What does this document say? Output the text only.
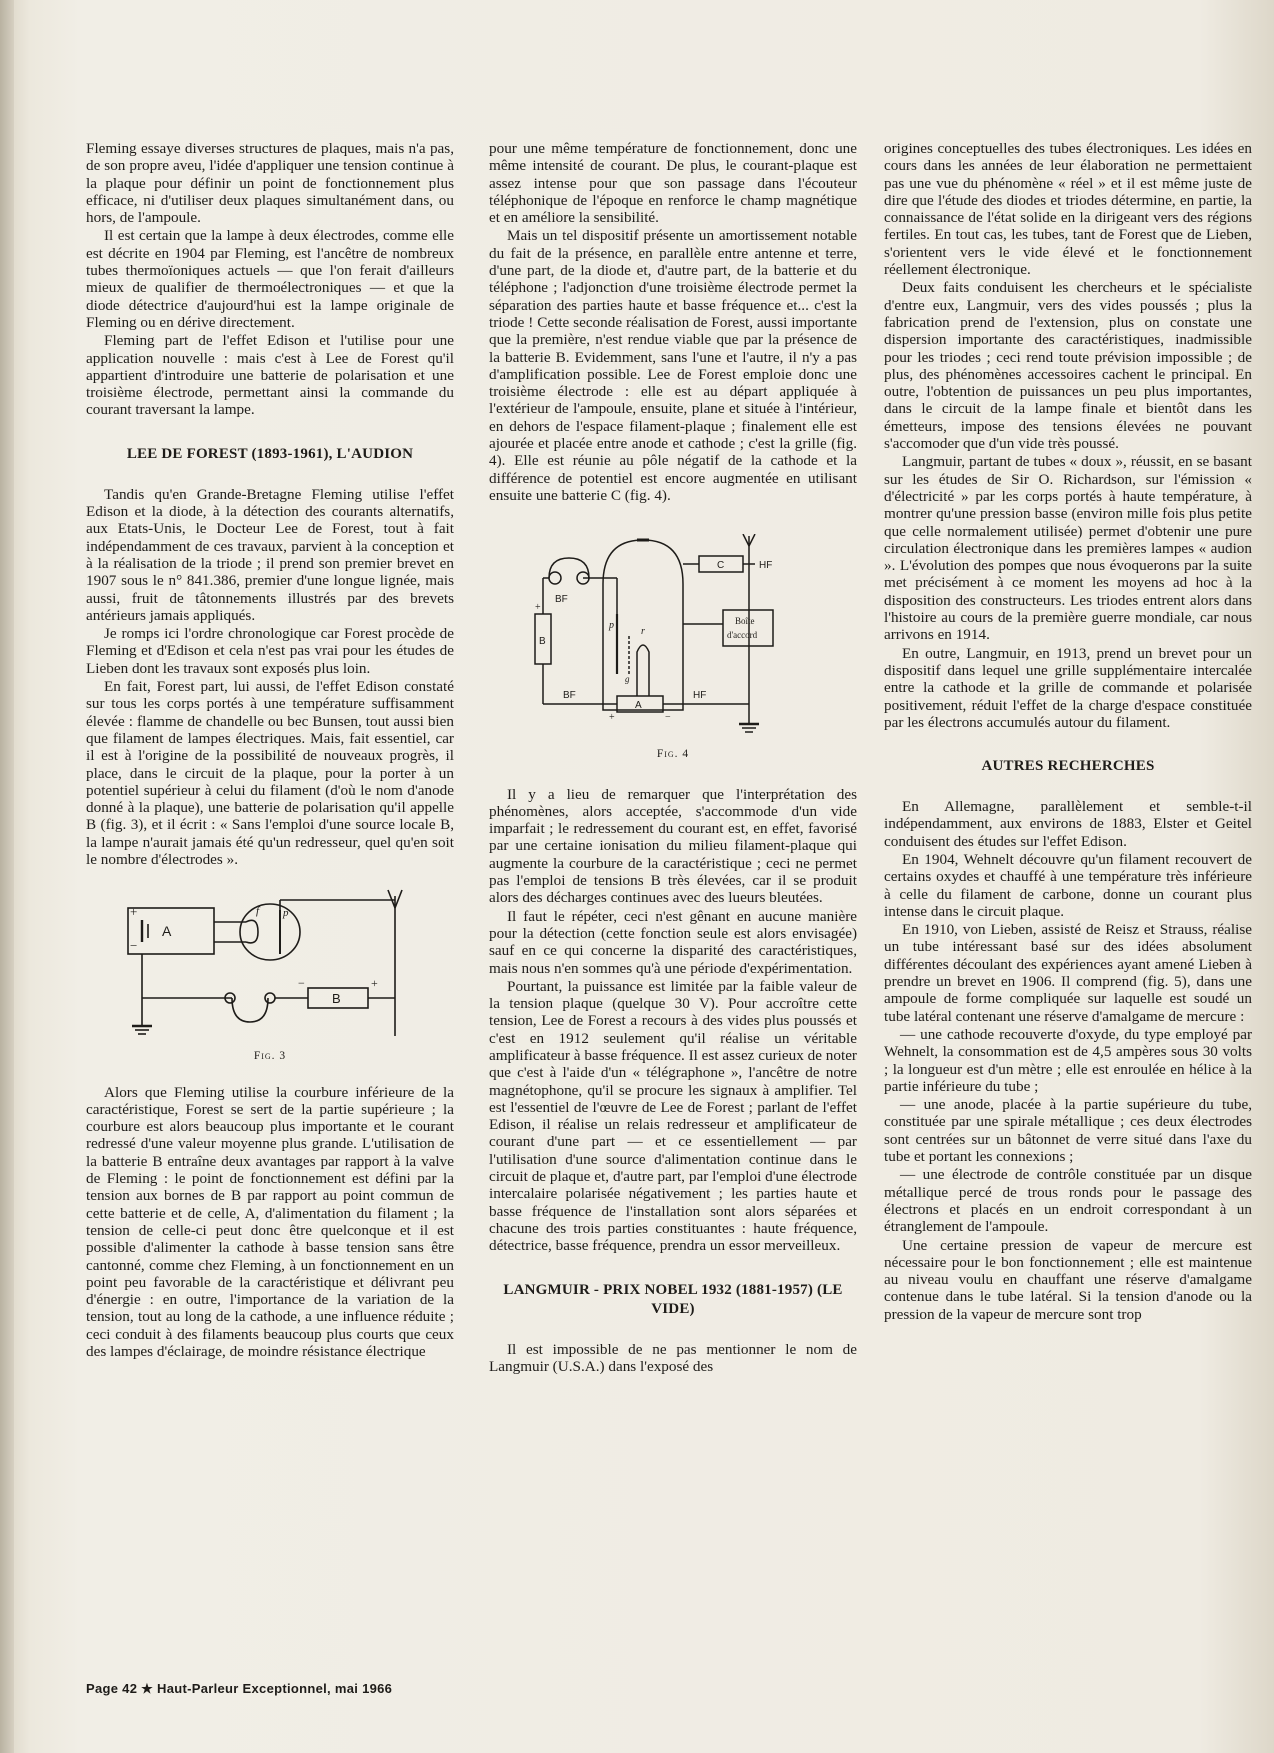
Fleming essaye diverses structures de plaques, mais n'a pas, de son propre aveu, l'idée d'appliquer une tension continue à la plaque pour définir un point de fonctionnement plus efficace, ni d'utiliser deux plaques simultanément dans, ou hors, de l'ampoule.

Il est certain que la lampe à deux électrodes, comme elle est décrite en 1904 par Fleming, est l'ancêtre de nombreux tubes thermoïoniques actuels — que l'on ferait d'ailleurs mieux de qualifier de thermoélectroniques — et que la diode détectrice d'aujourd'hui est la lampe originale de Fleming ou en dérive directement.

Fleming part de l'effet Edison et l'utilise pour une application nouvelle : mais c'est à Lee de Forest qu'il appartient d'introduire une batterie de polarisation et une troisième électrode, permettant ainsi la commande du courant traversant la lampe.

LEE DE FOREST (1893-1961), L'AUDION

Tandis qu'en Grande-Bretagne Fleming utilise l'effet Edison et la diode, à la détection des courants alternatifs, aux Etats-Unis, le Docteur Lee de Forest, tout à fait indépendamment de ces travaux, parvient à la conception et à la réalisation de la triode ; il prend son premier brevet en 1907 sous le n° 841.386, premier d'une longue lignée, mais aussi, fruit de tâtonnements illustrés par des brevets antérieurs jamais appliqués.

Je romps ici l'ordre chronologique car Forest procède de Fleming et d'Edison et cela n'est pas vrai pour les études de Lieben dont les travaux sont exposés plus loin.

En fait, Forest part, lui aussi, de l'effet Edison constaté sur tous les corps portés à une température suffisamment élevée : flamme de chandelle ou bec Bunsen, tout aussi bien que filament de lampes électriques. Mais, fait essentiel, car il est à l'origine de la possibilité de nouveaux progrès, il place, dans le circuit de la plaque, pour la porter à un potentiel supérieur à celui du filament (d'où le nom d'anode donné à la plaque), une batterie de polarisation qu'il appelle B (fig. 3), et il écrit : « Sans l'emploi d'une source locale B, la lampe n'aurait jamais été qu'un redresseur, quel qu'en soit le nombre d'électrodes ».

+
−
A
f p
B
−	+
Fig. 3

Alors que Fleming utilise la courbure inférieure de la caractéristique, Forest se sert de la partie supérieure ; la courbure est alors beaucoup plus importante et le courant redressé d'une valeur moyenne plus grande. L'utilisation de la batterie B entraîne deux avantages par rapport à la valve de Fleming : le point de fonctionnement est défini par la tension aux bornes de B par rapport au point commun de cette batterie et de celle, A, d'alimentation du filament ; la tension de celle-ci peut donc être quelconque et il est possible d'alimenter la cathode à basse tension sans être cantonné, comme chez Fleming, à un fonctionnement en un point peu favorable de la caractéristique et délivrant peu d'énergie : en outre, l'importance de la variation de la tension, tout au long de la cathode, a une influence réduite ; ceci conduit à des filaments beaucoup plus courts que ceux des lampes d'éclairage, de moindre résistance électrique

pour une même température de fonctionnement, donc une même intensité de courant. De plus, le courant-plaque est assez intense pour que son passage dans l'écouteur téléphonique de l'époque en renforce le champ magnétique et en améliore la sensibilité.

Mais un tel dispositif présente un amortissement notable du fait de la présence, en parallèle entre antenne et terre, d'une part, de la diode et, d'autre part, de la batterie et du téléphone ; l'adjonction d'une troisième électrode permet la séparation des parties haute et basse fréquence et... c'est la triode ! Cette seconde réalisation de Forest, aussi importante que la première, n'est rendue viable que par la présence de la batterie B. Evidemment, sans l'une et l'autre, il n'y a pas d'amplification possible. Lee de Forest emploie donc une troisième électrode : elle est au départ appliquée à l'extérieur de l'ampoule, ensuite, plane et située à l'intérieur, en dehors de l'espace filament-plaque ; finalement elle est ajourée et placée entre anode et cathode ; c'est la grille (fig. 4). Elle est réunie au pôle négatif de la cathode et la différence de potentiel est encore augmentée en utilisant ensuite une batterie C (fig. 4).

p
g
r
BF
B
+
C	HF
Boîte
d'accord
BF
A
+	−
HF
Fig. 4

Il y a lieu de remarquer que l'interprétation des phénomènes, alors acceptée, s'accommode d'un vide imparfait ; le redressement du courant est, en effet, favorisé par une certaine ionisation du milieu filament-plaque qui augmente la courbure de la caractéristique ; ceci ne permet pas l'emploi de tensions B très élevées, car il se produit alors des décharges continues avec des lueurs bleutées.

Il faut le répéter, ceci n'est gênant en aucune manière pour la détection (cette fonction seule est alors envisagée) sauf en ce qui concerne la disparité des caractéristiques, mais nous n'en sommes qu'à une période d'expérimentation.

Pourtant, la puissance est limitée par la faible valeur de la tension plaque (quelque 30 V). Pour accroître cette tension, Lee de Forest a recours à des vides plus poussés et c'est en 1912 seulement qu'il réalise un véritable amplificateur à basse fréquence. Il est assez curieux de noter que c'est à l'aide d'un « télégraphone », l'ancêtre de notre magnétophone, qu'il se procure les signaux à amplifier. Tel est l'essentiel de l'œuvre de Lee de Forest ; parlant de l'effet Edison, il réalise un relais redresseur et amplificateur de courant d'une part — et ce essentiellement — par l'utilisation d'une source d'alimentation continue dans le circuit de plaque et, d'autre part, par l'emploi d'une électrode intercalaire polarisée négativement ; les parties haute et basse fréquence de l'installation sont alors séparées et chacune des trois parties constituantes : haute fréquence, détectrice, basse fréquence, prendra un essor merveilleux.

LANGMUIR - PRIX NOBEL 1932 (1881-1957) (LE VIDE)

Il est impossible de ne pas mentionner le nom de Langmuir (U.S.A.) dans l'exposé des

origines conceptuelles des tubes électroniques. Les idées en cours dans les années de leur élaboration ne permettaient pas une vue du phénomène « réel » et il est même juste de dire que l'étude des diodes et triodes détermine, en partie, la connaissance de l'état solide en la dirigeant vers des régions fertiles. En tout cas, les tubes, tant de Forest que de Lieben, s'orientent vers le vide élevé et le fonctionnement réellement électronique.

Deux faits conduisent les chercheurs et le spécialiste d'entre eux, Langmuir, vers des vides poussés ; plus la fabrication prend de l'extension, plus on constate une dispersion importante des caractéristiques, inadmissible pour les triodes ; ceci rend toute prévision impossible ; de plus, des phénomènes accessoires cachent le principal. En outre, l'obtention de puissances un peu plus importantes, dans le circuit de la lampe finale et bientôt dans les émetteurs, impose des tensions élevées ne pouvant s'accomoder que d'un vide très poussé.

Langmuir, partant de tubes « doux », réussit, en se basant sur les études de Sir O. Richardson, sur l'émission « d'électricité » par les corps portés à haute température, à montrer qu'une pression basse (environ mille fois plus petite que celle normalement utilisée) permet d'obtenir une pure circulation électronique dans les premières lampes « audion ». L'évolution des pompes que nous évoquerons par la suite met précisément à ce moment les moyens ad hoc à la disposition des constructeurs. Les triodes entrent alors dans l'histoire au cours de la première guerre mondiale, car nous arrivons en 1914.

En outre, Langmuir, en 1913, prend un brevet pour un dispositif dans lequel une grille supplémentaire intercalée entre la cathode et la grille de commande et polarisée positivement, réduit l'effet de la charge d'espace constituée par les électrons accumulés autour du filament.

AUTRES RECHERCHES

En Allemagne, parallèlement et semble-t-il indépendamment, aux environs de 1883, Elster et Geitel conduisent des études sur l'effet Edison.

En 1904, Wehnelt découvre qu'un filament recouvert de certains oxydes et chauffé à une température très inférieure à celle du filament de carbone, donne un courant plus intense dans le circuit plaque.

En 1910, von Lieben, assisté de Reisz et Strauss, réalise un tube intéressant basé sur des idées absolument différentes découlant des expériences ayant amené Lieben à prendre un brevet en 1906. Il comprend (fig. 5), dans une ampoule de forme compliquée sur laquelle est soudé un tube latéral contenant une réserve d'amalgame de mercure :

— une cathode recouverte d'oxyde, du type employé par Wehnelt, la consommation est de 4,5 ampères sous 30 volts ; la longueur est d'un mètre ; elle est enroulée en hélice à la partie inférieure du tube ;

— une anode, placée à la partie supérieure du tube, constituée par une spirale métallique ; ces deux électrodes sont centrées sur un bâtonnet de verre situé dans l'axe du tube et portant les connexions ;

— une électrode de contrôle constituée par un disque métallique percé de trous ronds pour le passage des électrons et placés en un endroit correspondant à un étranglement de l'ampoule.

Une certaine pression de vapeur de mercure est nécessaire pour le bon fonctionnement ; elle est maintenue au niveau voulu en chauffant une réserve d'amalgame contenue dans le tube latéral. Si la tension d'anode ou la pression de la vapeur de mercure sont trop

Page 42 ★ Haut-Parleur Exceptionnel, mai 1966
